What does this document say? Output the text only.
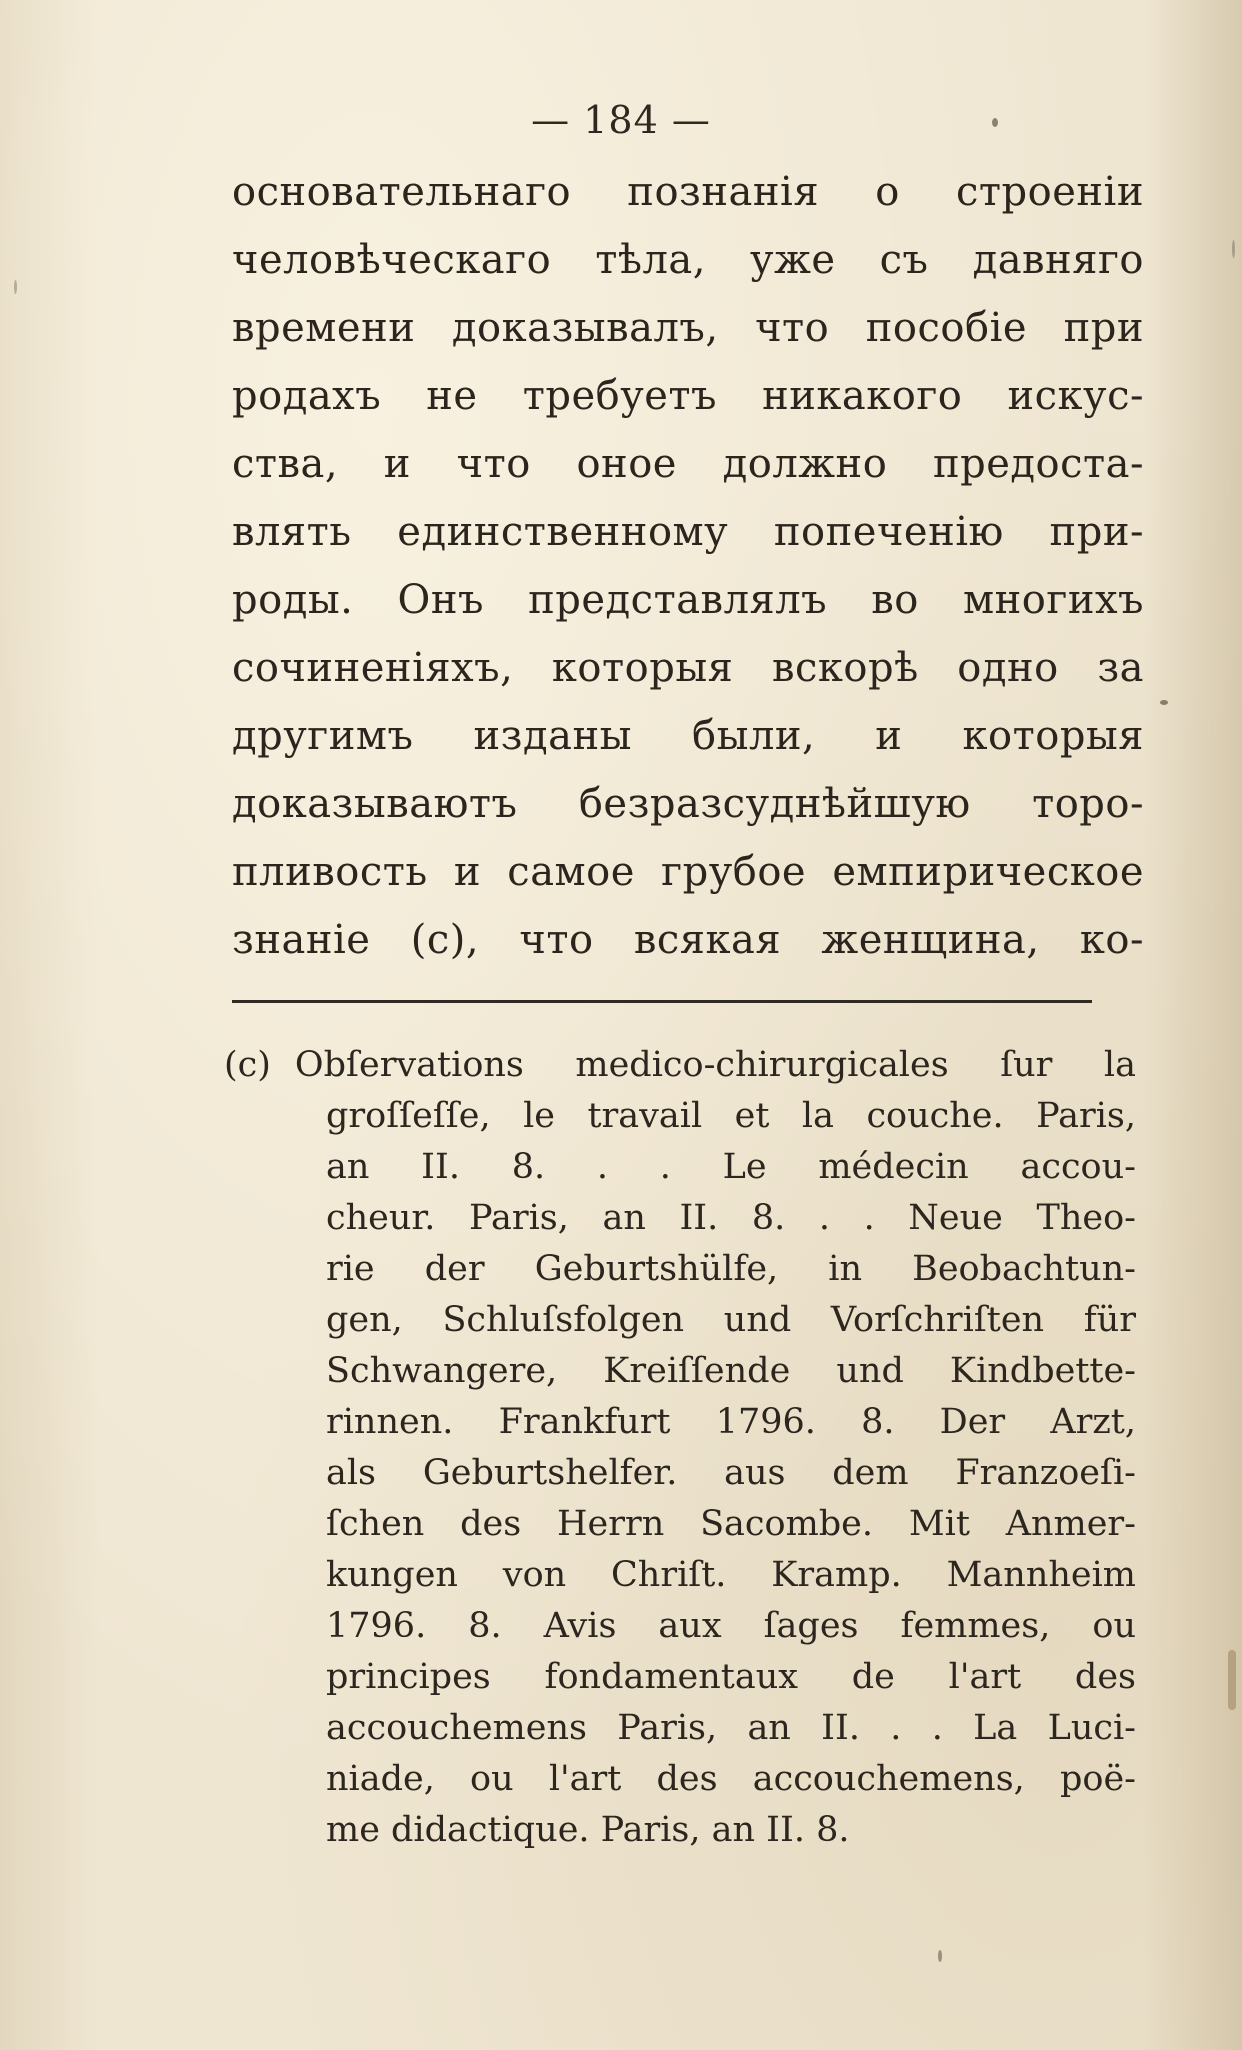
— 184 —
основательнаго познанія о строеніи
человѣческаго тѣла, уже съ давняго
времени доказывалъ, что пособіе при
родахъ не требуетъ никакого искус-
ства, и что оное должно предоста-
влять единственному попеченію при-
роды. Онъ представлялъ во многихъ
сочиненіяхъ, которыя вскорѣ одно за
другимъ изданы были, и которыя
доказываютъ безразсуднѣйшую торо-
пливость и самое грубое емпирическое
знаніе (c), что всякая женщина, ко-
(c) Obſervations medico-chirurgicales ſur la
groſſeſſe, le travail et la couche. Paris,
an II. 8. . . Le médecin accou-
cheur. Paris, an II. 8. . . Neue Theo-
rie der Geburtshülfe, in Beobachtun-
gen, Schluſsfolgen und Vorſchriſten für
Schwangere, Kreiſſende und Kindbette-
rinnen. Frankfurt 1796. 8. Der Arzt,
als Geburtshelfer. aus dem Franzoeſi-
ſchen des Herrn Sacombe. Mit Anmer-
kungen von Chriſt. Kramp. Mannheim
1796. 8. Avis aux ſages femmes, ou
principes fondamentaux de l'art des
accouchemens Paris, an II. . . La Luci-
niade, ou l'art des accouchemens, poë-
me didactique. Paris, an II. 8.
